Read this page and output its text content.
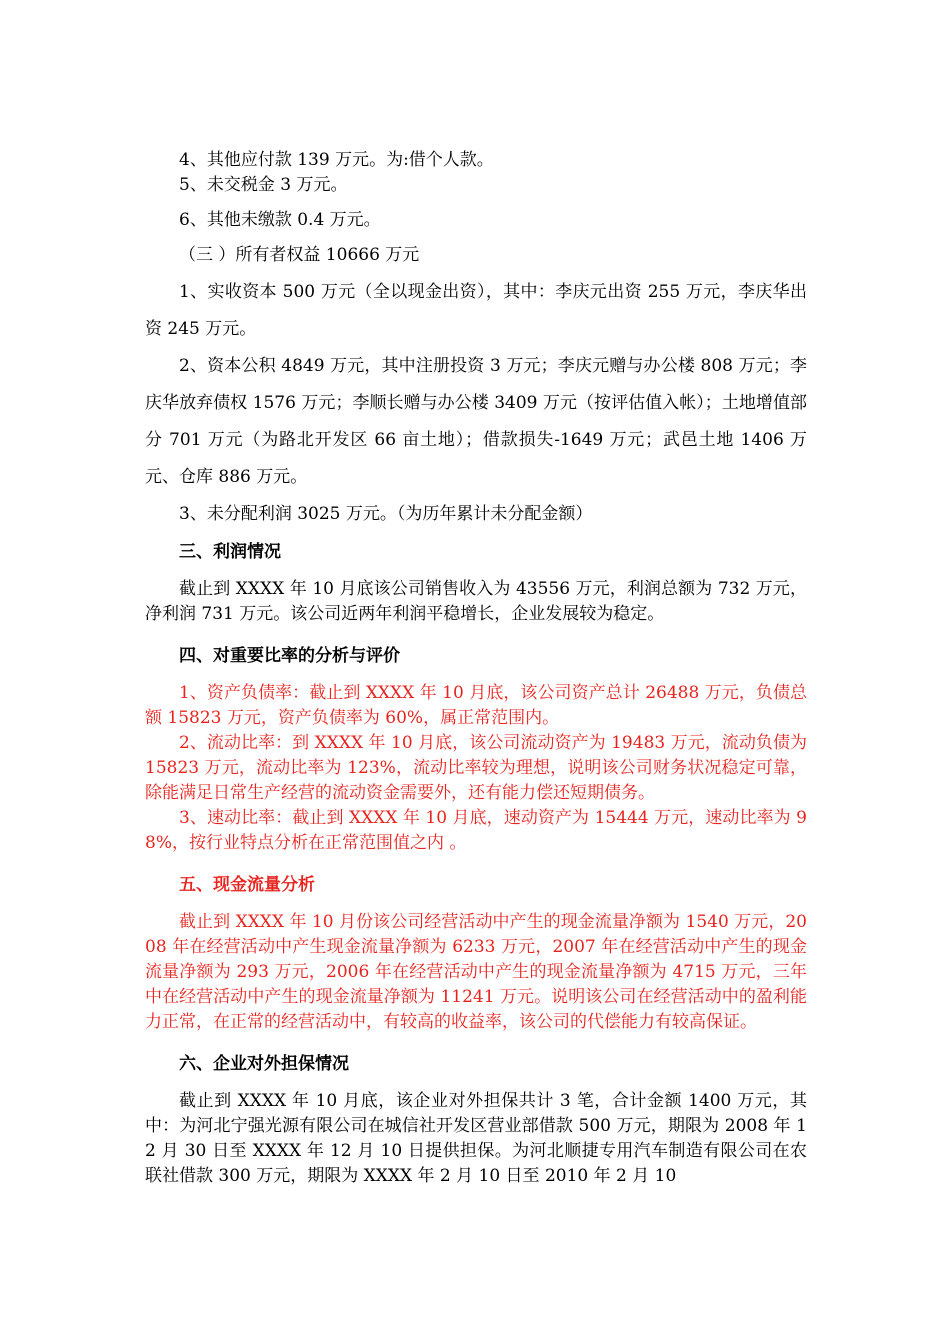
4、其他应付款 139 万元。为:借个人款。

5、未交税金 3 万元。

6、其他未缴款 0.4 万元。

（三 ）所有者权益 10666 万元

1、实收资本 500 万元（全以现金出资），其中：李庆元出资 255 万元，李庆华出资 245 万元。

2、资本公积 4849 万元，其中注册投资 3 万元；李庆元赠与办公楼 808 万元；李庆华放弃债权 1576 万元；李顺长赠与办公楼 3409 万元（按评估值入帐）；土地增值部分 701 万元（为路北开发区 66 亩土地）；借款损失-1649 万元；武邑土地 1406 万元、仓库 886 万元。

3、未分配利润 3025 万元。（为历年累计未分配金额）

三、利润情况

截止到 XXXX 年 10 月底该公司销售收入为 43556 万元，利润总额为 732 万元，净利润 731 万元。该公司近两年利润平稳增长，企业发展较为稳定。

四、对重要比率的分析与评价

1、资产负债率：截止到 XXXX 年 10 月底，该公司资产总计 26488 万元，负债总额 15823 万元，资产负债率为 60%，属正常范围内。

2、流动比率：到 XXXX 年 10 月底，该公司流动资产为 19483 万元，流动负债为 15823 万元，流动比率为 123%，流动比率较为理想，说明该公司财务状况稳定可靠，除能满足日常生产经营的流动资金需要外，还有能力偿还短期债务。

3、速动比率：截止到 XXXX 年 10 月底，速动资产为 15444 万元，速动比率为 98%，按行业特点分析在正常范围值之内 。

五、现金流量分析

截止到 XXXX 年 10 月份该公司经营活动中产生的现金流量净额为 1540 万元，2008 年在经营活动中产生现金流量净额为 6233 万元，2007 年在经营活动中产生的现金流量净额为 293 万元，2006 年在经营活动中产生的现金流量净额为 4715 万元，三年中在经营活动中产生的现金流量净额为 11241 万元。说明该公司在经营活动中的盈利能力正常，在正常的经营活动中，有较高的收益率，该公司的代偿能力有较高保证。

六、企业对外担保情况

截止到 XXXX 年 10 月底，该企业对外担保共计 3 笔，合计金额 1400 万元，其中：为河北宁强光源有限公司在城信社开发区营业部借款 500 万元，期限为 2008 年 12 月 30 日至 XXXX 年 12 月 10 日提供担保。为河北顺捷专用汽车制造有限公司在农联社借款 300 万元，期限为 XXXX 年 2 月 10 日至 2010 年 2 月 10
